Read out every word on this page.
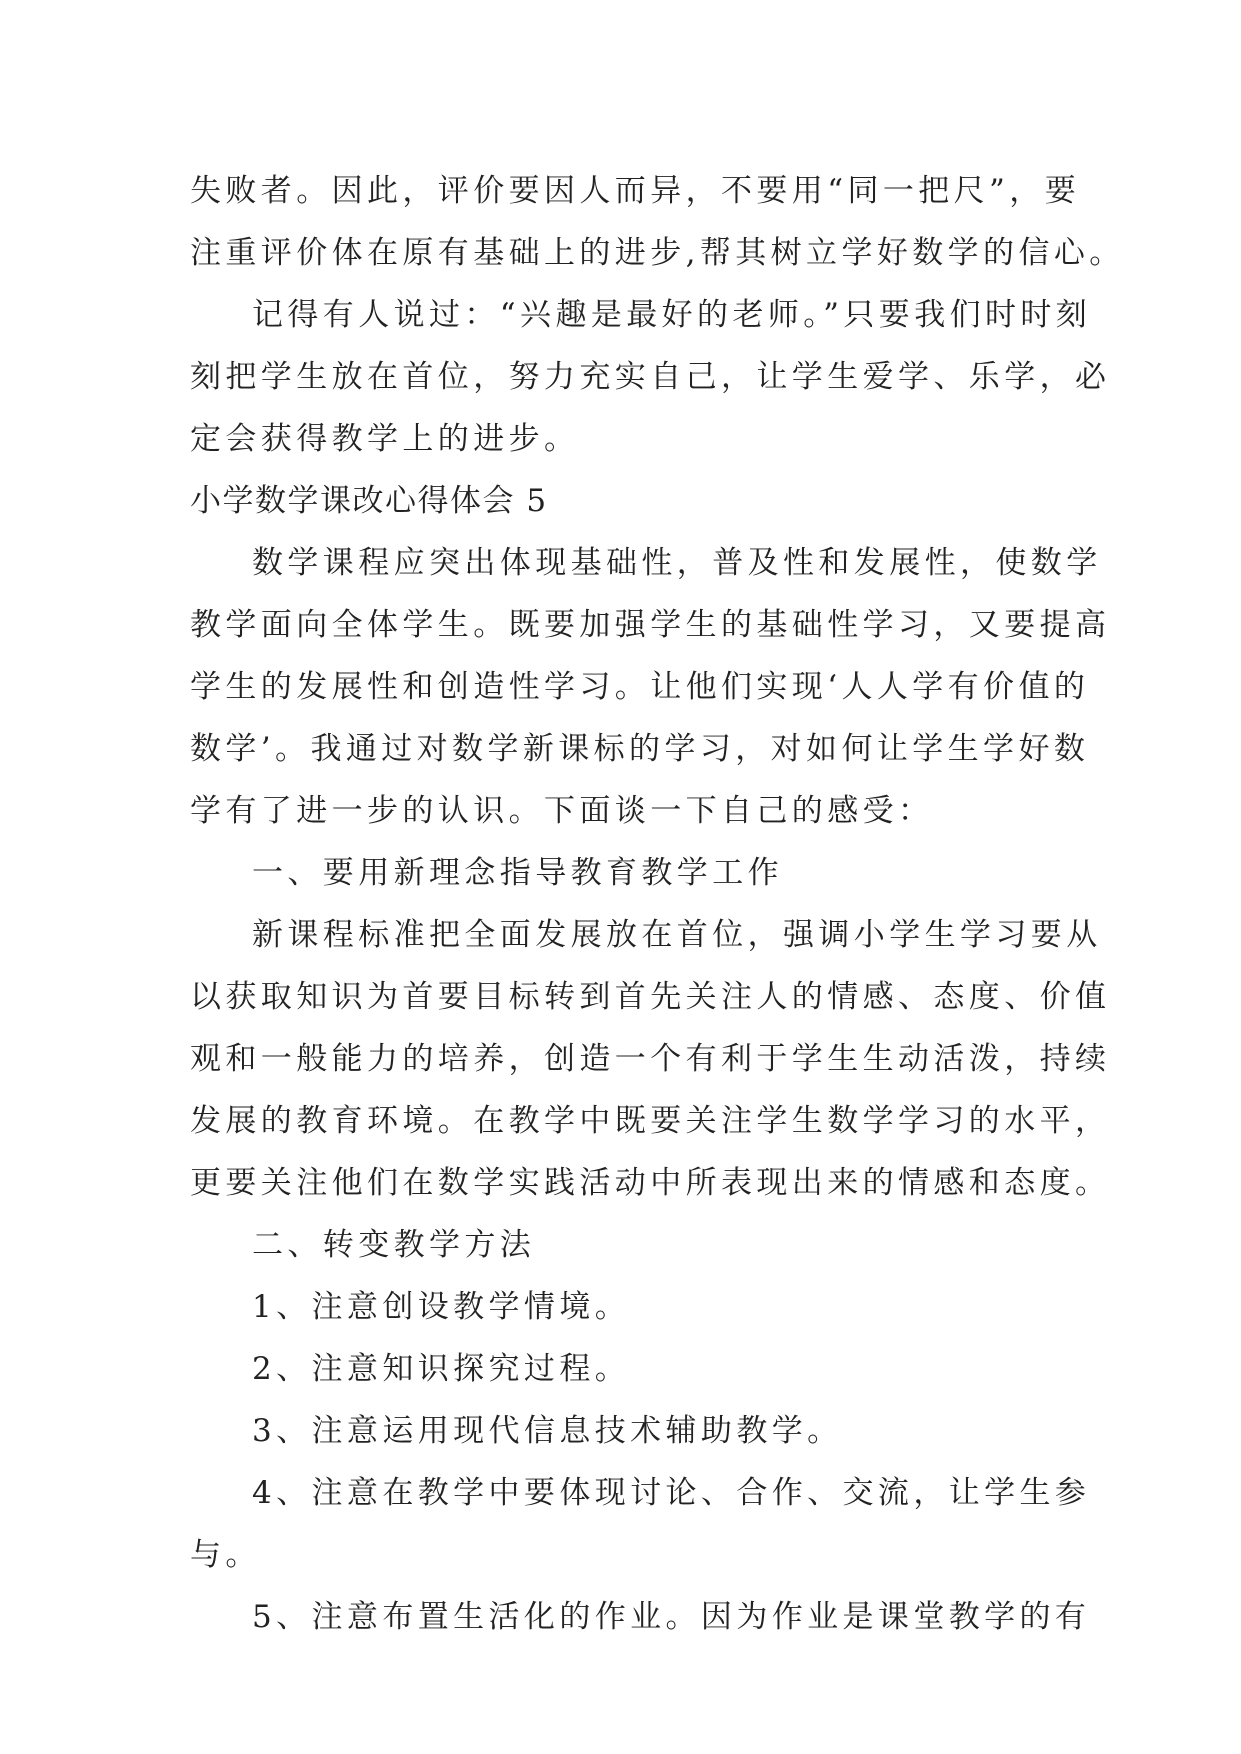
失败者。因此，评价要因人而异，不要用“同一把尺”，要
注重评价体在原有基础上的进步,帮其树立学好数学的信心。
记得有人说过：“兴趣是最好的老师。”只要我们时时刻
刻把学生放在首位，努力充实自己，让学生爱学、乐学，必
定会获得教学上的进步。
小学数学课改心得体会 5
数学课程应突出体现基础性，普及性和发展性，使数学
教学面向全体学生。既要加强学生的基础性学习，又要提高
学生的发展性和创造性学习。让他们实现‘人人学有价值的
数学’。我通过对数学新课标的学习，对如何让学生学好数
学有了进一步的认识。下面谈一下自己的感受：
一、要用新理念指导教育教学工作
新课程标准把全面发展放在首位，强调小学生学习要从
以获取知识为首要目标转到首先关注人的情感、态度、价值
观和一般能力的培养，创造一个有利于学生生动活泼，持续
发展的教育环境。在教学中既要关注学生数学学习的水平，
更要关注他们在数学实践活动中所表现出来的情感和态度。
二、转变教学方法
1、注意创设教学情境。
2、注意知识探究过程。
3、注意运用现代信息技术辅助教学。
4、注意在教学中要体现讨论、合作、交流，让学生参
与。
5、注意布置生活化的作业。因为作业是课堂教学的有
